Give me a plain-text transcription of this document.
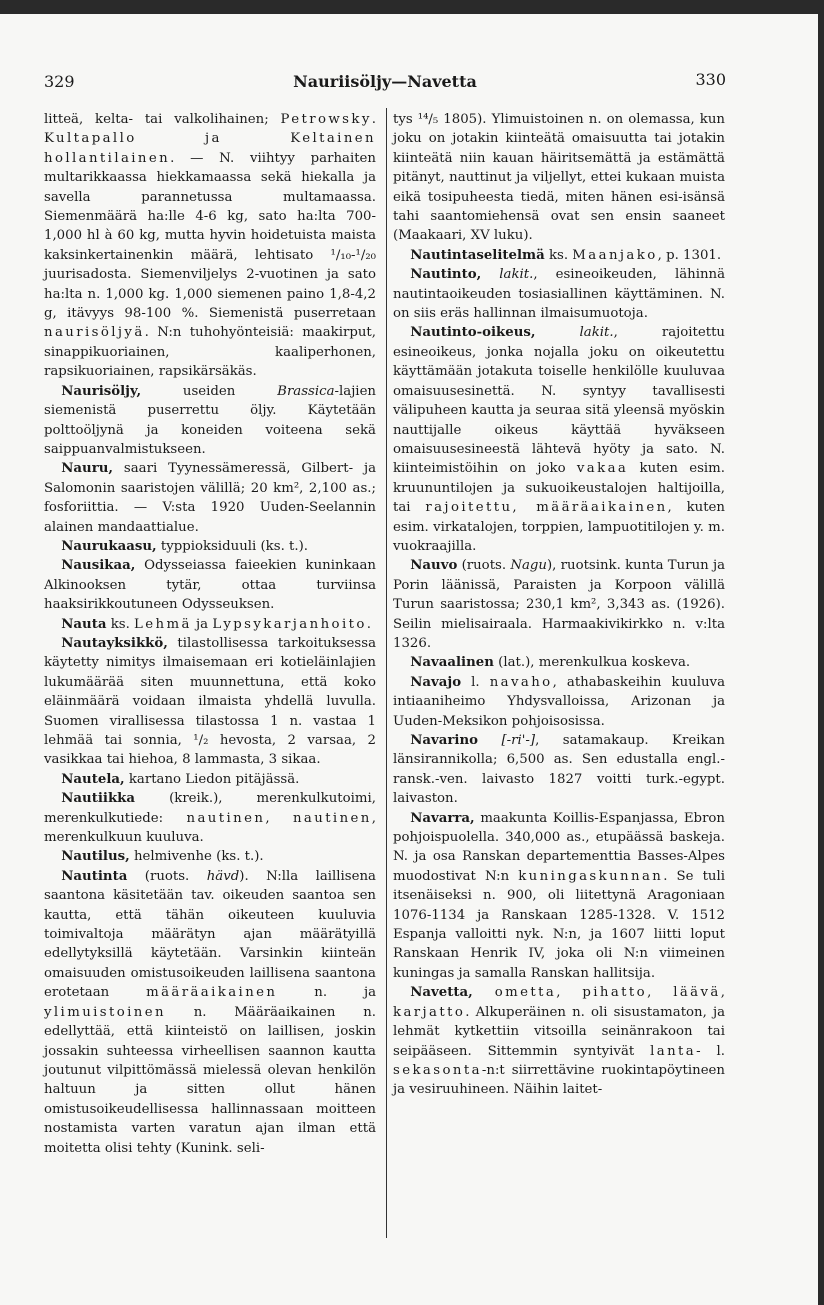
329	Nauriisöljy—Navetta	330

litteä, kelta- tai valkolihainen; Petrowsky. Kultapallo ja Keltainen hollantilainen. — N. viihtyy parhaiten multarikkaassa hiekkamaassa sekä hiekalla ja savella parannetussa multamaassa. Siemenmäärä ha:lle 4-6 kg, sato ha:lta 700-1,000 hl à 60 kg, mutta hyvin hoidetuista maista kaksinkertainenkin määrä, lehtisato ¹/₁₀-¹/₂₀ juurisadosta. Siemenviljelys 2-vuotinen ja sato ha:lta n. 1,000 kg. 1,000 siemenen paino 1,8-4,2 g, itävyys 98-100 %. Siemenistä puserretaan naurisöljyä. N:n tuhohyönteisiä: maakirput, sinappikuoriainen, kaaliperhonen, rapsikuoriainen, rapsikärsäkäs.

Naurisöljy, useiden Brassica-lajien siemenistä puserrettu öljy. Käytetään polttoöljynä ja koneiden voiteena sekä saippuanvalmistukseen.

Nauru, saari Tyynessämeressä, Gilbert- ja Salomonin saaristojen välillä; 20 km², 2,100 as.; fosforiittia. — V:sta 1920 Uuden-Seelannin alainen mandaattialue.

Naurukaasu, typpioksiduuli (ks. t.).

Nausikaa, Odysseiassa faieekien kuninkaan Alkinooksen tytär, ottaa turviinsa haaksirikkoutuneen Odysseuksen.

Nauta ks. Lehmä ja Lypsykarjanhoito.

Nautayksikkö, tilastollisessa tarkoituksessa käytetty nimitys ilmaisemaan eri kotieläinlajien lukumäärää siten muunnettuna, että koko eläinmäärä voidaan ilmaista yhdellä luvulla. Suomen virallisessa tilastossa 1 n. vastaa 1 lehmää tai sonnia, ¹/₂ hevosta, 2 varsaa, 2 vasikkaa tai hiehoa, 8 lammasta, 3 sikaa.

Nautela, kartano Liedon pitäjässä.

Nautiikka (kreik.), merenkulkutoimi, merenkulkutiede: nautinen, nautinen, merenkulkuun kuuluva.

Nautilus, helmivenhe (ks. t.).

Nautinta (ruots. hävd). N:lla laillisena saantona käsitetään tav. oikeuden saantoa sen kautta, että tähän oikeuteen kuuluvia toimivaltoja määrätyn ajan määrätyillä edellytyksillä käytetään. Varsinkin kiinteän omaisuuden omistusoikeuden laillisena saantona erotetaan määräaikainen n. ja ylimuistoinen n. Määräaikainen n. edellyttää, että kiinteistö on laillisen, joskin jossakin suhteessa virheellisen saannon kautta joutunut vilpittömässä mielessä olevan henkilön haltuun ja sitten ollut hänen omistusoikeudellisessa hallinnassaan moitteen nostamista varten varatun ajan ilman että moitetta olisi tehty (Kunink. seli-

tys ¹⁴/₅ 1805). Ylimuistoinen n. on olemassa, kun joku on jotakin kiinteätä omaisuutta tai jotakin kiinteätä niin kauan häiritsemättä ja estämättä pitänyt, nauttinut ja viljellyt, ettei kukaan muista eikä tosipuheesta tiedä, miten hänen esi-isänsä tahi saantomiehensä ovat sen ensin saaneet (Maakaari, XV luku).

Nautintaselitelmä ks. Maanjako, p. 1301.

Nautinto, lakit., esineoikeuden, lähinnä nautintaoikeuden tosiasiallinen käyttäminen. N. on siis eräs hallinnan ilmaisumuotoja.

Nautinto-oikeus, lakit., rajoitettu esineoikeus, jonka nojalla joku on oikeutettu käyttämään jotakuta toiselle henkilölle kuuluvaa omaisuusesinettä. N. syntyy tavallisesti välipuheen kautta ja seuraa sitä yleensä myöskin nauttijalle oikeus käyttää hyväkseen omaisuusesineestä lähtevä hyöty ja sato. N. kiinteimistöihin on joko vakaa kuten esim. kruununtilojen ja sukuoikeustalojen haltijoilla, tai rajoitettu, määräaikainen, kuten esim. virkatalojen, torppien, lampuotitilojen y. m. vuokraajilla.

Nauvo (ruots. Nagu), ruotsink. kunta Turun ja Porin läänissä, Paraisten ja Korpoon välillä Turun saaristossa; 230,1 km², 3,343 as. (1926). Seilin mielisairaala. Harmaakivikirkko n. v:lta 1326.

Navaalinen (lat.), merenkulkua koskeva.

Navajo l. navaho, athabaskeihin kuuluva intiaaniheimo Yhdysvalloissa, Arizonan ja Uuden-Meksikon pohjoisosissa.

Navarino [-ri'-], satamakaup. Kreikan länsirannikolla; 6,500 as. Sen edustalla engl.-ransk.-ven. laivasto 1827 voitti turk.-egypt. laivaston.

Navarra, maakunta Koillis-Espanjassa, Ebron pohjoispuolella. 340,000 as., etupäässä baskeja. N. ja osa Ranskan departementtia Basses-Alpes muodostivat N:n kuningaskunnan. Se tuli itsenäiseksi n. 900, oli liitettynä Aragoniaan 1076-1134 ja Ranskaan 1285-1328. V. 1512 Espanja valloitti nyk. N:n, ja 1607 liitti loput Ranskaan Henrik IV, joka oli N:n viimeinen kuningas ja samalla Ranskan hallitsija.

Navetta, ometta, pihatto, läävä, karjatto. Alkuperäinen n. oli sisustamaton, ja lehmät kytkettiin vitsoilla seinänrakoon tai seipääseen. Sittemmin syntyivät lanta- l. sekasonta-n:t siirrettävine ruokintapöytineen ja vesiruuhineen. Näihin laitet-
